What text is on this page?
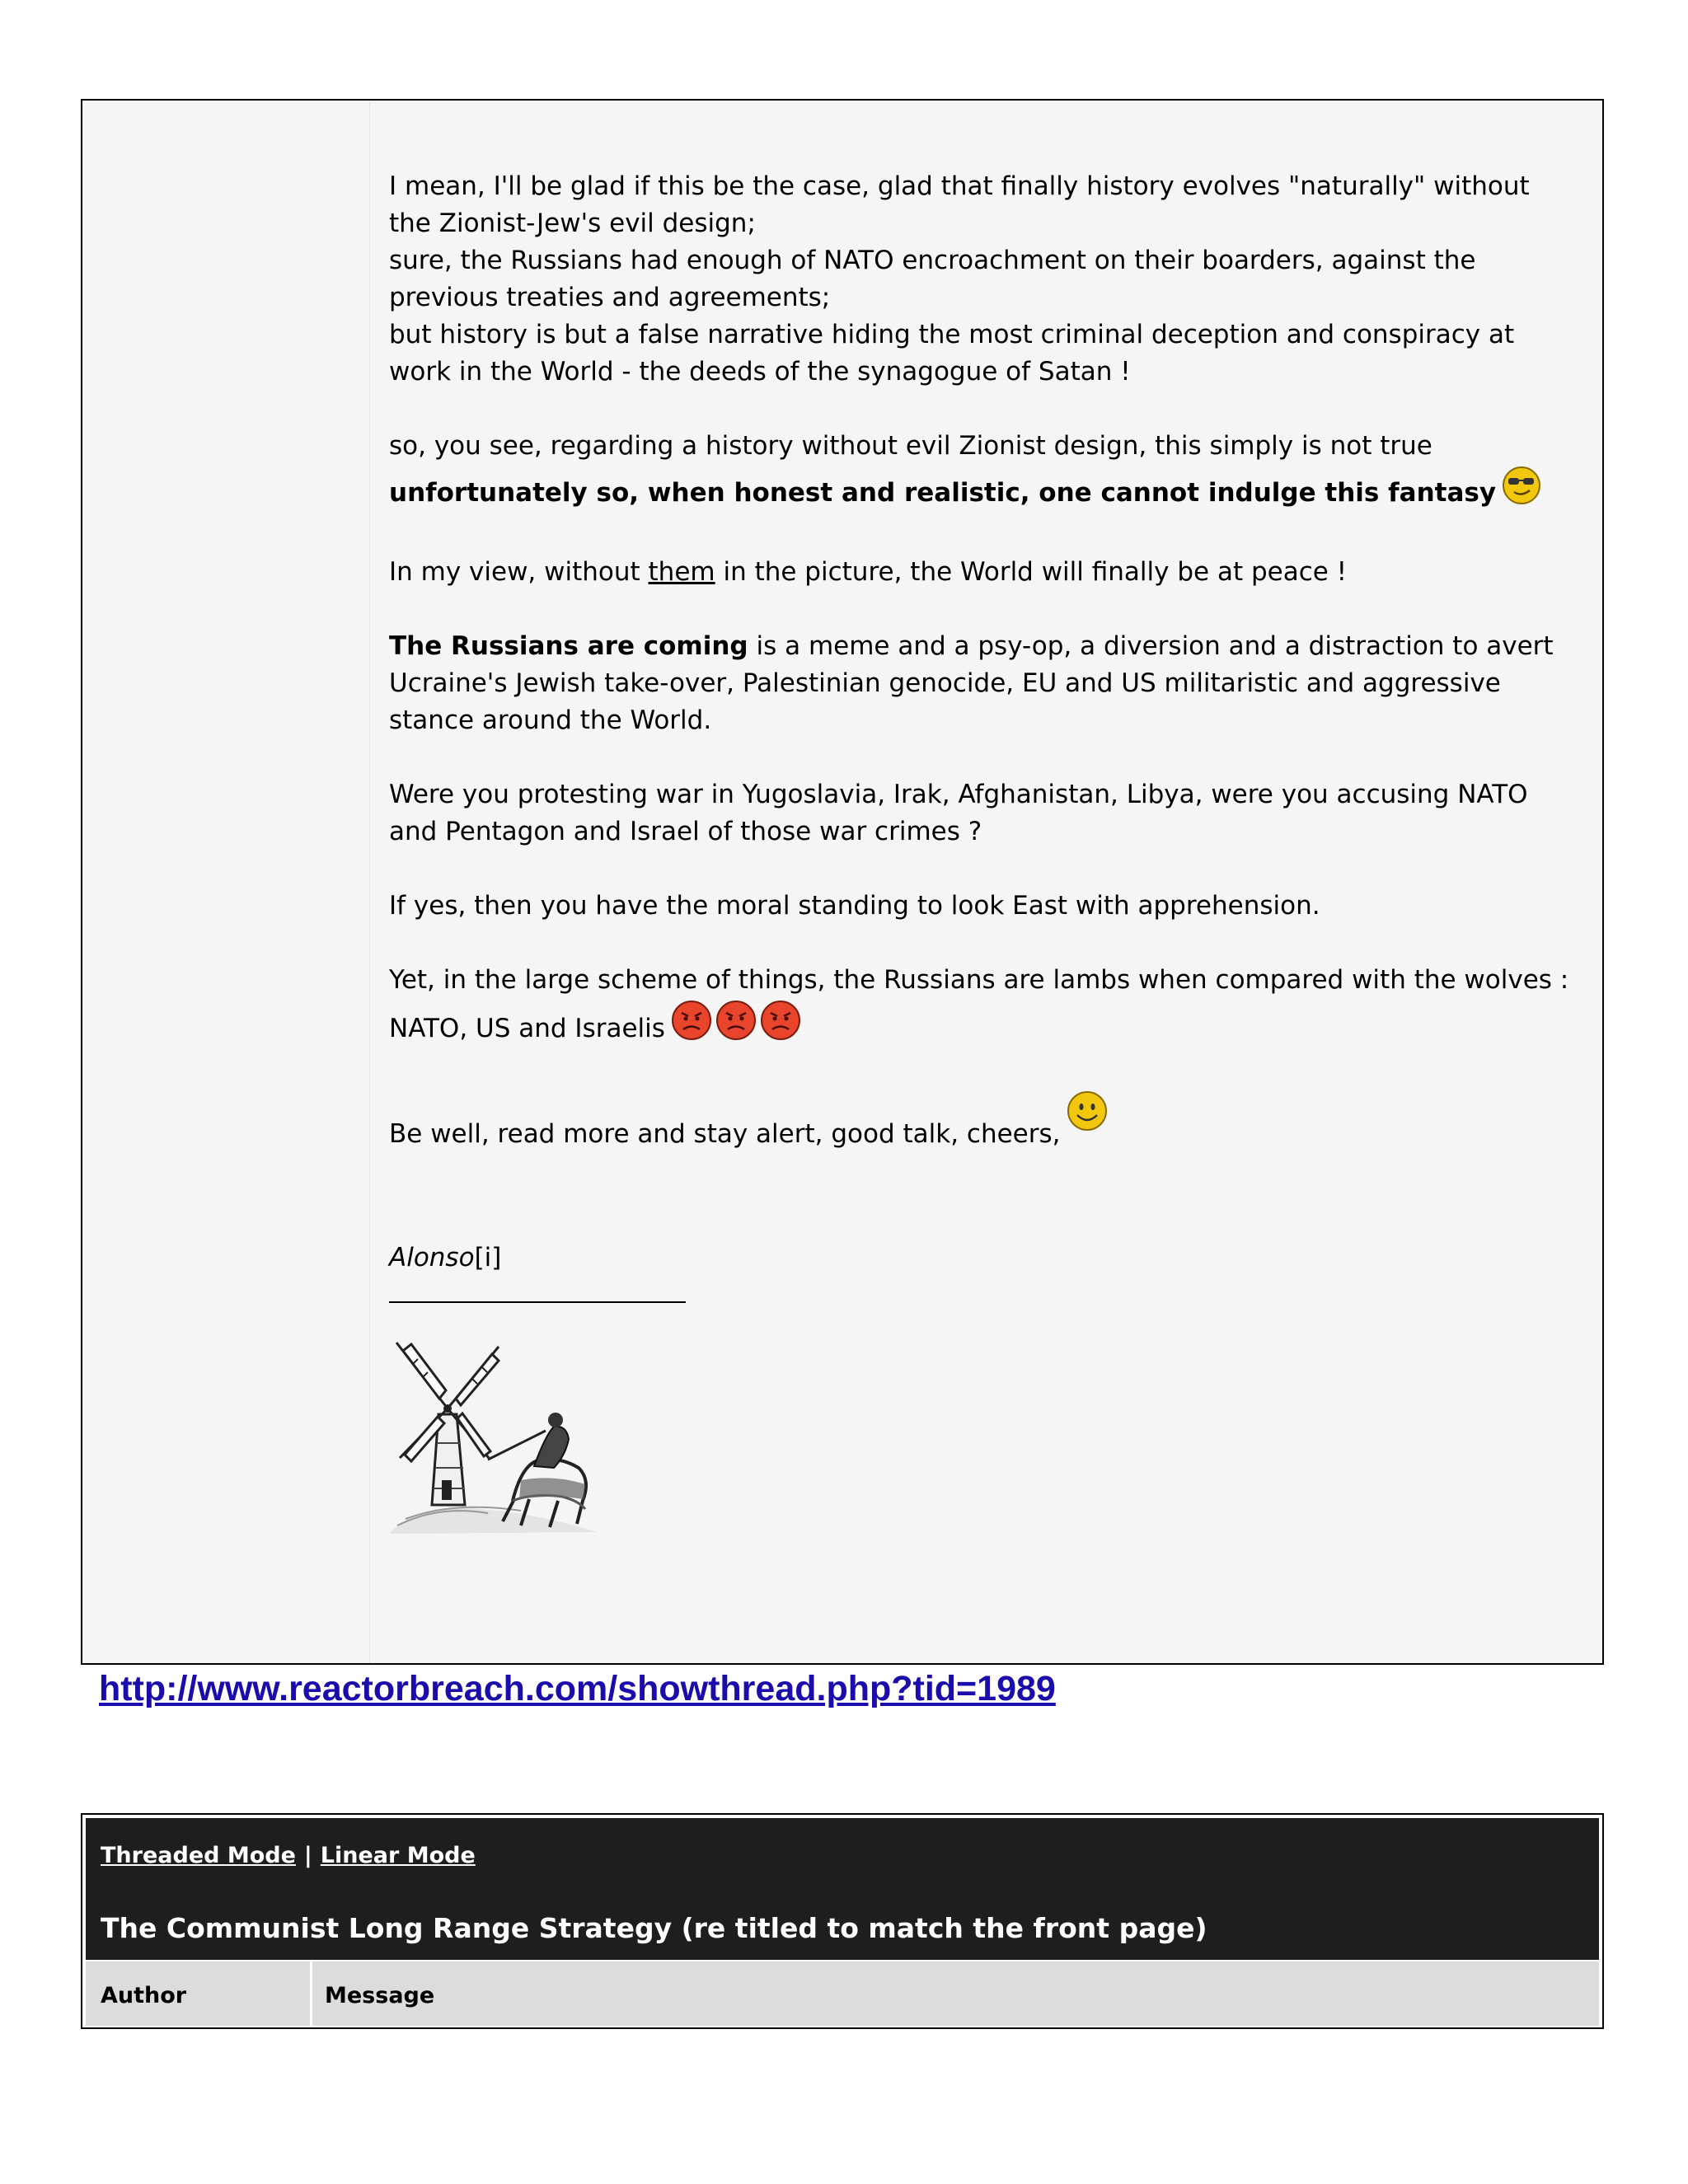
I mean, I'll be glad if this be the case, glad that finally history evolves "naturally" without the Zionist-Jew's evil design;

sure, the Russians had enough of NATO encroachment on their boarders, against the previous treaties and agreements;

but history is but a false narrative hiding the most criminal deception and conspiracy at work in the World - the deeds of the synagogue of Satan !

so, you see, regarding a history without evil Zionist design, this simply is not true unfortunately so, when honest and realistic, one cannot indulge this fantasy

In my view, without them in the picture, the World will finally be at peace !

The Russians are coming is a meme and a psy-op, a diversion and a distraction to avert Ucraine's Jewish take-over, Palestinian genocide, EU and US militaristic and aggressive stance around the World.

Were you protesting war in Yugoslavia, Irak, Afghanistan, Libya, were you accusing NATO and Pentagon and Israel of those war crimes ?

If yes, then you have the moral standing to look East with apprehension.

Yet, in the large scheme of things, the Russians are lambs when compared with the wolves : NATO, US and Israelis

Be well, read more and stay alert, good talk, cheers,

Alonso[i]
http://www.reactorbreach.com/showthread.php?tid=1989
Threaded Mode | Linear Mode
The Communist Long Range Strategy (re titled to match the front page)
Author	Message
